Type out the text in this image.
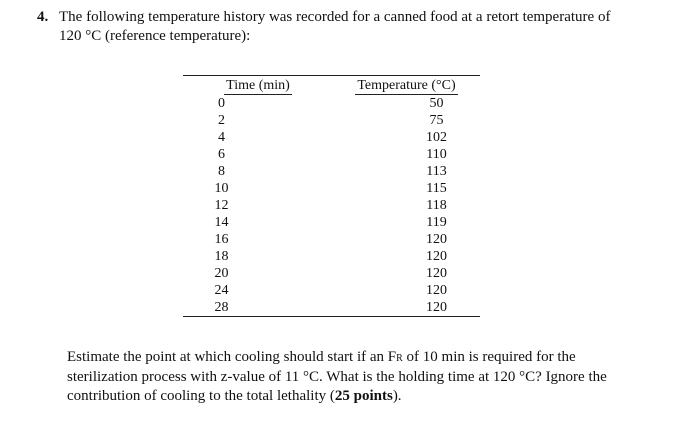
4. The following temperature history was recorded for a canned food at a retort temperature of
120 °C (reference temperature):
Time (min)	Temperature (°C)
0	50
2	75
4	102
6	110
8	113
10	115
12	118
14	119
16	120
18	120
20	120
24	120
28	120
Estimate the point at which cooling should start if an FR of 10 min is required for the
sterilization process with z-value of 11 °C. What is the holding time at 120 °C? Ignore the
contribution of cooling to the total lethality (25 points).
